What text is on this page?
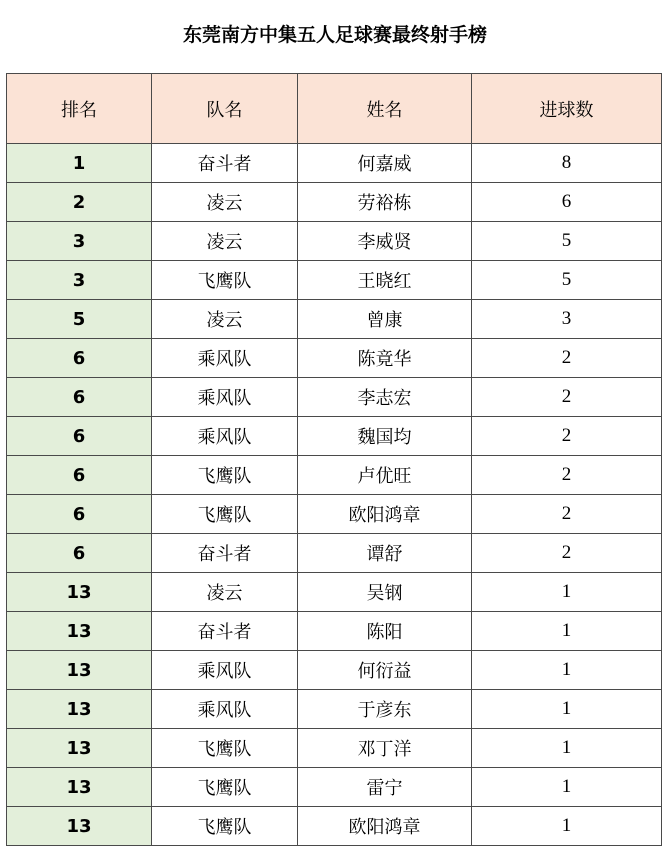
东莞南方中集五人足球赛最终射手榜
排名	队名	姓名	进球数
1	奋斗者	何嘉威	8
2	凌云	劳裕栋	6
3	凌云	李威贤	5
3	飞鹰队	王晓红	5
5	凌云	曾康	3
6	乘风队	陈竟华	2
6	乘风队	李志宏	2
6	乘风队	魏国均	2
6	飞鹰队	卢优旺	2
6	飞鹰队	欧阳鸿章	2
6	奋斗者	谭舒	2
13	凌云	吴钢	1
13	奋斗者	陈阳	1
13	乘风队	何衍益	1
13	乘风队	于彦东	1
13	飞鹰队	邓丁洋	1
13	飞鹰队	雷宁	1
13	飞鹰队	欧阳鸿章	1
